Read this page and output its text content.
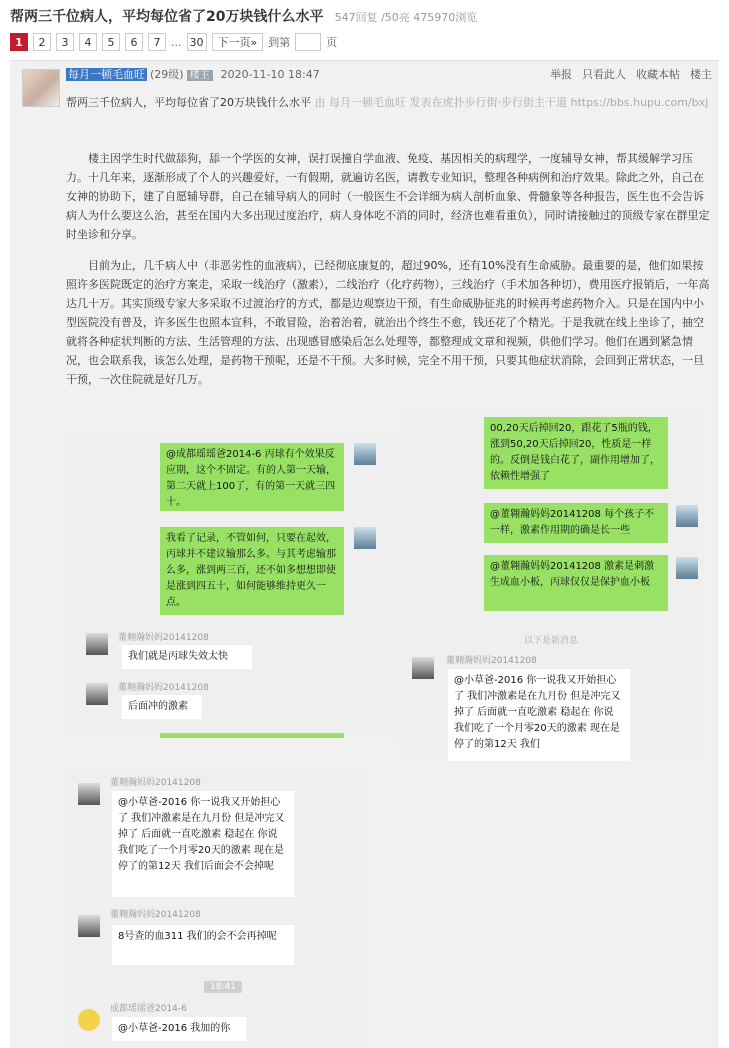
帮两三千位病人，平均每位省了20万块钱什么水平 547回复 /50亮 475970浏览
1	2	3	4	5	6	7 ... 30	下一页»	到第	页
每月一顿毛血旺 (29级) 楼主 2020-11-10 18:47	举报 只看此人 收藏本帖 楼主
帮两三千位病人，平均每位省了20万块钱什么水平 由 每月一顿毛血旺 发表在虎扑步行街·步行街主干道 https://bbs.hupu.com/bxj

楼主因学生时代做舔狗，舔一个学医的女神，误打误撞自学血液、免疫、基因相关的病理学，一度辅导女神，帮其缓解学习压力。十几年来，逐渐形成了个人的兴趣爱好，一有假期，就遍访名医，请教专业知识，整理各种病例和治疗效果。除此之外，自己在女神的协助下，建了自愿辅导群，自己在辅导病人的同时（一般医生不会详细为病人剖析血象、骨髓象等各种报告，医生也不会告诉病人为什么要这么治，甚至在国内大多出现过度治疗，病人身体吃不消的同时，经济也难看重负），同时请接触过的顶级专家在群里定时坐诊和分享。

目前为止，几千病人中（非恶劣性的血液病），已经彻底康复的，超过90%，还有10%没有生命威胁。最重要的是，他们如果按照许多医院既定的治疗方案走，采取一线治疗（激素），二线治疗（化疗药物），三线治疗（手术加各种切），费用医疗报销后，一年高达几十万。其实顶级专家大多采取不过渡治疗的方式，都是边观察边干预，有生命威胁征兆的时候再考虑药物介入。只是在国内中小型医院没有普及，许多医生也照本宣科，不敢冒险，治着治着，就治出个终生不愈，钱还花了个精光。于是我就在线上坐诊了，抽空就将各种症状判断的方法、生活管理的方法、出现感冒感染后怎么处理等，都整理成文章和视频，供他们学习。他们在遇到紧急情况，也会联系我，该怎么处理，是药物干预呢，还是不干预。大多时候，完全不用干预，只要其他症状消除，会回到正常状态，一旦干预，一次住院就是好几万。

@成都瑶瑶爸2014-6 丙球有个效果反应期，这个不固定。有的人第一天输，第二天就上100了，有的第一天就三四十。
我看了记录，不管如何，只要在起效，丙球并不建议输那么多。与其考虑输那么多，涨到两三百，还不如多想想即使是涨到四五十，如何能够维持更久一点。
董翱瀚妈妈20141208
我们就是丙球失效太快
董翱瀚妈妈20141208
后面冲的激素
00,20天后掉回20，跟花了5瓶的钱，涨到50,20天后掉回20，性质是一样的。反倒是钱白花了，副作用增加了，依赖性增强了
@董翱瀚妈妈20141208 每个孩子不一样，激素作用期的确是长一些
@董翱瀚妈妈20141208 激素是刺激生成血小板，丙球仅仅是保护血小板
以下是新消息
董翱瀚妈妈20141208
@小草爸-2016 你一说我又开始担心了 我们冲激素是在九月份 但是冲完又掉了 后面就一直吃激素 稳起在 你说 我们吃了一个月零20天的激素 现在是停了的第12天 我们
董翱瀚妈妈20141208
@小草爸-2016 你一说我又开始担心了 我们冲激素是在九月份 但是冲完又掉了 后面就一直吃激素 稳起在 你说 我们吃了一个月零20天的激素 现在是停了的第12天 我们后面会不会掉呢
董翱瀚妈妈20141208
8号查的血311 我们的会不会再掉呢
18:41
成都瑶瑶爸2014-6
@小草爸-2016 我加的你
